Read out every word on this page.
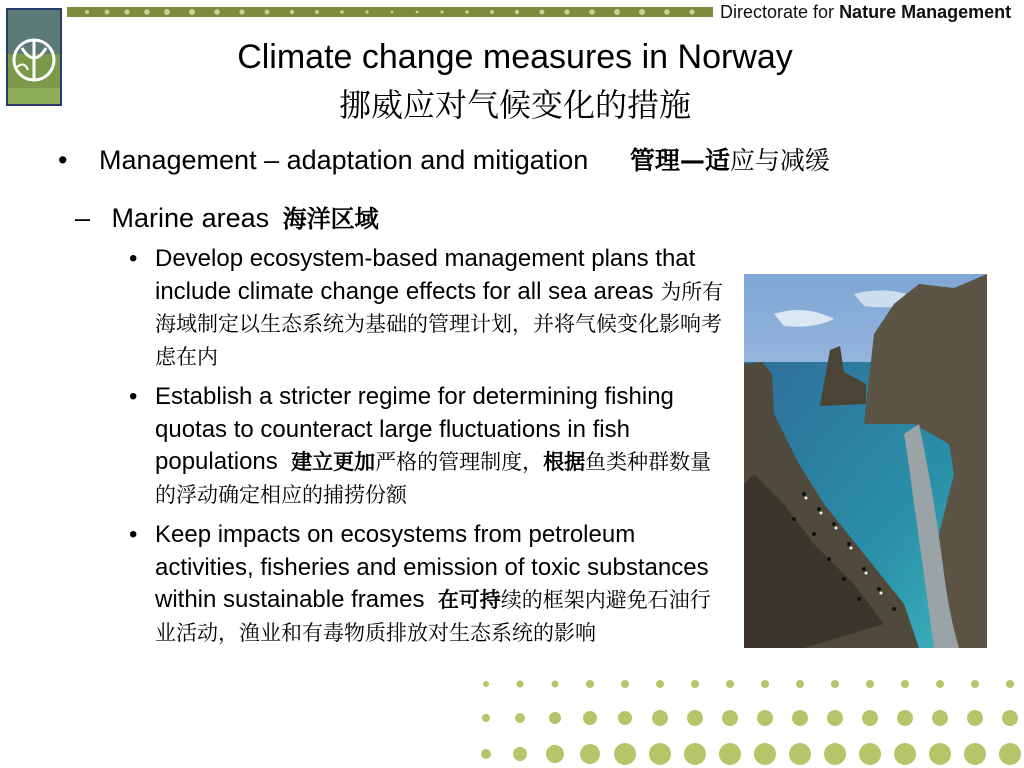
Directorate for Nature Management
Climate change measures in Norway
挪威应对气候变化的措施
• Management – adaptation and mitigation 管理—适应与减缓
– Marine areas 海洋区域
• Develop ecosystem-based management plans that include climate change effects for all sea areas 为所有海域制定以生态系统为基础的管理计划，并将气候变化影响考虑在内
• Establish a stricter regime for determining fishing quotas to counteract large fluctuations in fish populations 建立更加严格的管理制度，根据鱼类种群数量的浮动确定相应的捕捞份额
• Keep impacts on ecosystems from petroleum activities, fisheries and emission of toxic substances within sustainable frames 在可持续的框架内避免石油行业活动，渔业和有毒物质排放对生态系统的影响
